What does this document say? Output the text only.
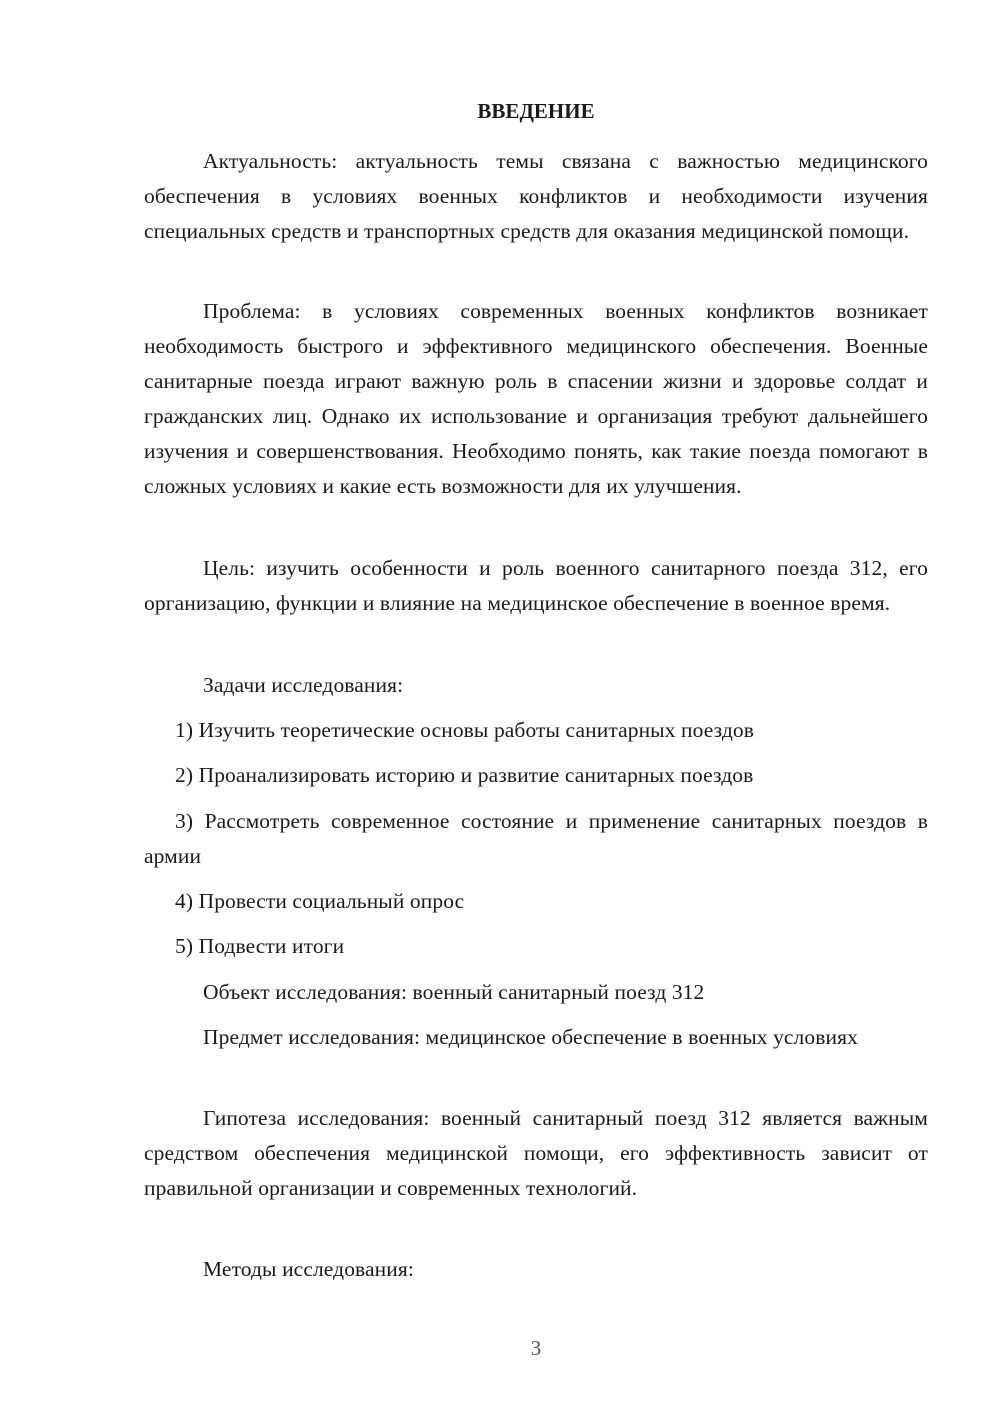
ВВЕДЕНИЕ

Актуальность: актуальность темы связана с важностью медицинского обеспечения в условиях военных конфликтов и необходимости изучения специальных средств и транспортных средств для оказания медицинской помощи.

Проблема: в условиях современных военных конфликтов возникает необходимость быстрого и эффективного медицинского обеспечения. Военные санитарные поезда играют важную роль в спасении жизни и здоровье солдат и гражданских лиц. Однако их использование и организация требуют дальнейшего изучения и совершенствования. Необходимо понять, как такие поезда помогают в сложных условиях и какие есть возможности для их улучшения.

Цель: изучить особенности и роль военного санитарного поезда 312, его организацию, функции и влияние на медицинское обеспечение в военное время.

Задачи исследования:

1) Изучить теоретические основы работы санитарных поездов

2) Проанализировать историю и развитие санитарных поездов

3) Рассмотреть современное состояние и применение санитарных поездов в армии

4) Провести социальный опрос

5) Подвести итоги

Объект исследования: военный санитарный поезд 312

Предмет исследования: медицинское обеспечение в военных условиях

Гипотеза исследования: военный санитарный поезд 312 является важным средством обеспечения медицинской помощи, его эффективность зависит от правильной организации и современных технологий.

Методы исследования:

3
